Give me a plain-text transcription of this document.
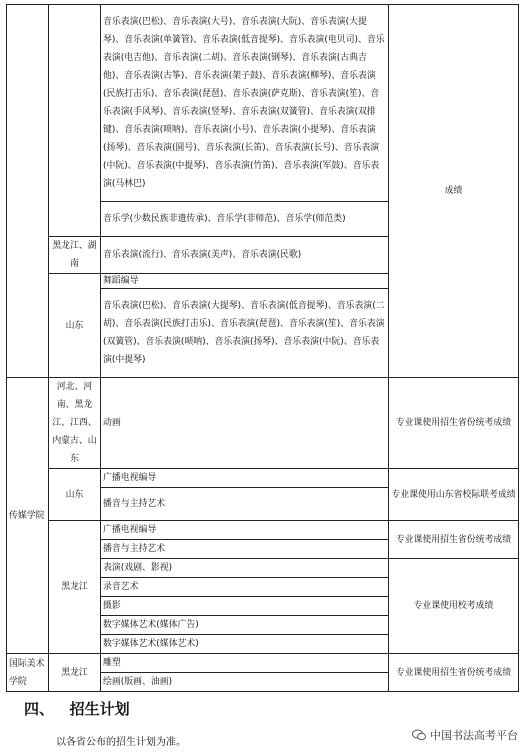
		音乐表演(巴松)、音乐表演(大号)、音乐表演(大阮)、音乐表演(大提琴)、音乐表演(单簧管)、音乐表演(低音提琴)、音乐表演(电贝司)、音乐表演(电吉他)、音乐表演(二胡)、音乐表演(钢琴)、音乐表演(古典吉他)、音乐表演(古筝)、音乐表演(架子鼓)、音乐表演(柳琴)、音乐表演(民族打击乐)、音乐表演(琵琶)、音乐表演(萨克斯)、音乐表演(笙)、音乐表演(手风琴)、音乐表演(竖琴)、音乐表演(双簧管)、音乐表演(双排键)、音乐表演(唢呐)、音乐表演(小号)、音乐表演(小提琴)、音乐表演(扬琴)、音乐表演(圆号)、音乐表演(长笛)、音乐表演(长号)、音乐表演(中阮)、音乐表演(中提琴)、音乐表演(竹笛)、音乐表演(军鼓)、音乐表演(马林巴)	成绩
		音乐学(少数民族非遗传承)、音乐学(非师范)、音乐学(师范类)	
	黑龙江、湖南	音乐表演(流行)、音乐表演(美声)、音乐表演(民歌)	
	山东	舞蹈编导	
		音乐表演(巴松)、音乐表演(大提琴)、音乐表演(低音提琴)、音乐表演(二胡)、音乐表演(民族打击乐)、音乐表演(琵琶)、音乐表演(笙)、音乐表演(双簧管)、音乐表演(唢呐)、音乐表演(扬琴)、音乐表演(中阮)、音乐表演(中提琴)	
传媒学院	河北、河南、黑龙江、江西、内蒙古、山东	动画	专业课使用招生省份统考成绩
	山东	广播电视编导	专业课使用山东省校际联考成绩
		播音与主持艺术	
	黑龙江	广播电视编导	专业课使用招生省份统考成绩
		播音与主持艺术	
		表演(戏剧、影视)	专业课使用校考成绩
		录音艺术	
		摄影	
		数字媒体艺术(媒体广告)	
		数字媒体艺术(媒体艺术)	
国际美术学院	黑龙江	雕塑	专业课使用招生省份统考成绩
		绘画(版画、油画)	
四、   招生计划
以各省公布的招生计划为准。
中国书法高考平台
